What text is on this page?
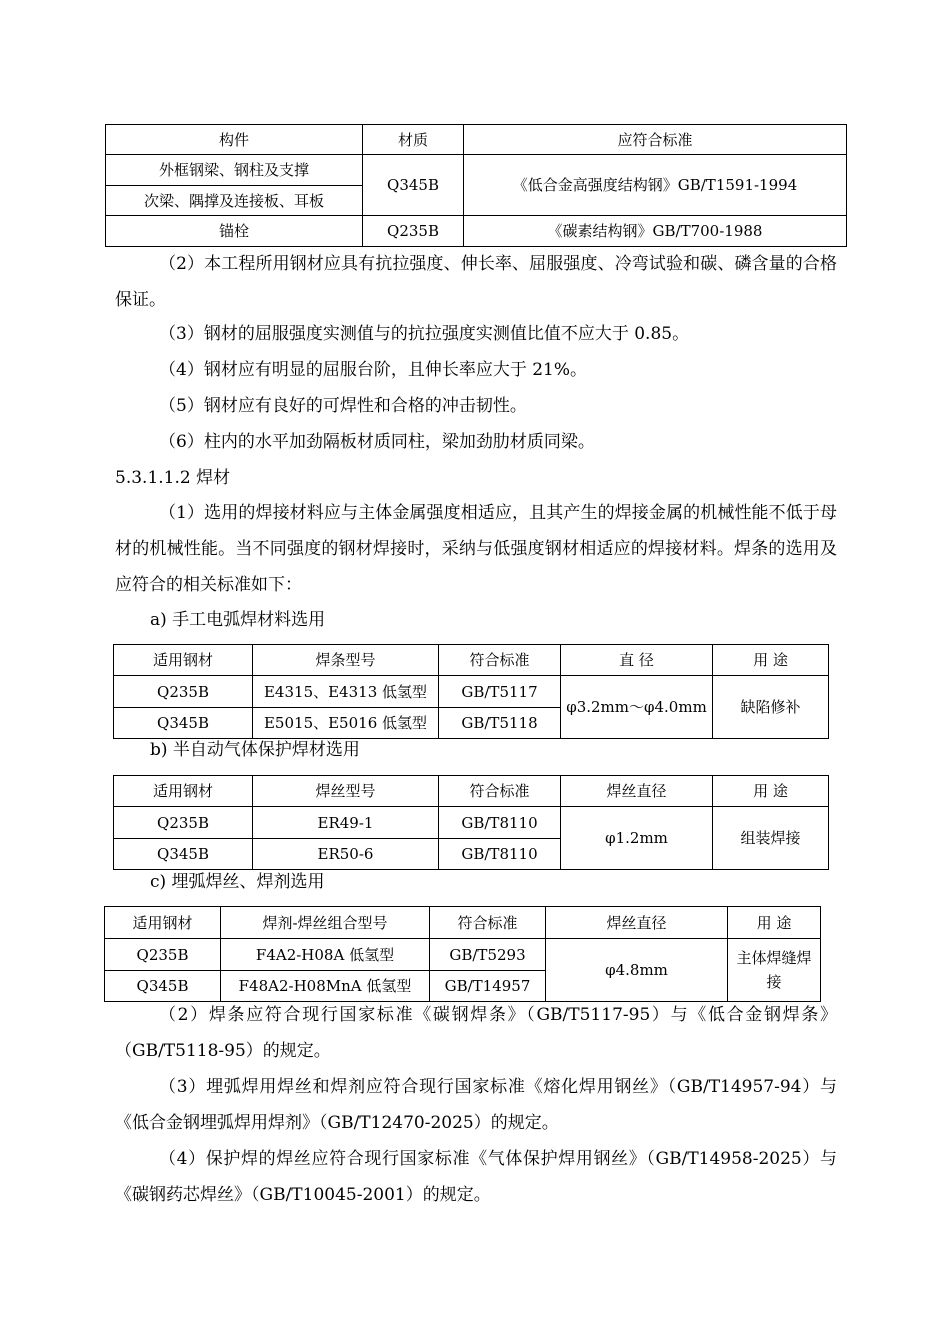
构件	材质	应符合标准
外框钢梁、钢柱及支撑	Q345B	《低合金高强度结构钢》GB/T1591-1994
次梁、隅撑及连接板、耳板		
锚栓	Q235B	《碳素结构钢》GB/T700-1988

（2）本工程所用钢材应具有抗拉强度、伸长率、屈服强度、冷弯试验和碳、磷含量的合格保证。

（3）钢材的屈服强度实测值与的抗拉强度实测值比值不应大于 0.85。

（4）钢材应有明显的屈服台阶，且伸长率应大于 21%。

（5）钢材应有良好的可焊性和合格的冲击韧性。

（6）柱内的水平加劲隔板材质同柱，梁加劲肋材质同梁。

5.3.1.1.2 焊材

（1）选用的焊接材料应与主体金属强度相适应，且其产生的焊接金属的机械性能不低于母材的机械性能。当不同强度的钢材焊接时，采纳与低强度钢材相适应的焊接材料。焊条的选用及应符合的相关标准如下：

a) 手工电弧焊材料选用

适用钢材	焊条型号	符合标准	直 径	用 途
Q235B	E4315、E4313 低氢型	GB/T5117	φ3.2mm～φ4.0mm	缺陷修补
Q345B	E5015、E5016 低氢型	GB/T5118		

b) 半自动气体保护焊材选用

适用钢材	焊丝型号	符合标准	焊丝直径	用 途
Q235B	ER49-1	GB/T8110	φ1.2mm	组装焊接
Q345B	ER50-6	GB/T8110		

c) 埋弧焊丝、焊剂选用

适用钢材	焊剂-焊丝组合型号	符合标准	焊丝直径	用 途
Q235B	F4A2-H08A 低氢型	GB/T5293	φ4.8mm	主体焊缝焊接
Q345B	F48A2-H08MnA 低氢型	GB/T14957		

（2）焊条应符合现行国家标准《碳钢焊条》（GB/T5117-95）与《低合金钢焊条》（GB/T5118-95）的规定。

（3）埋弧焊用焊丝和焊剂应符合现行国家标准《熔化焊用钢丝》（GB/T14957-94）与《低合金钢埋弧焊用焊剂》（GB/T12470-2025）的规定。

（4）保护焊的焊丝应符合现行国家标准《气体保护焊用钢丝》（GB/T14958-2025）与《碳钢药芯焊丝》（GB/T10045-2001）的规定。
